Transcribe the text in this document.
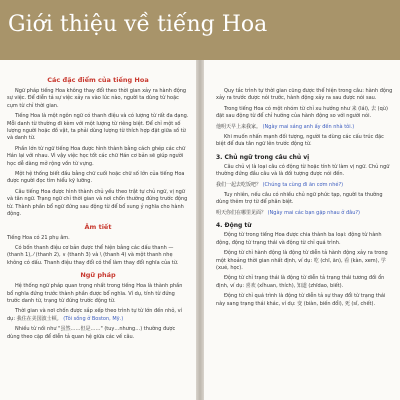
Giới thiệu về tiếng Hoa
Các đặc điểm của tiếng Hoa

Ngữ pháp tiếng Hoa không thay đổi theo thời gian xảy ra hành động sự việc. Để diễn tả sự việc xảy ra vào lúc nào, người ta dùng từ hoặc cụm từ chỉ thời gian.

Tiếng Hoa là một ngôn ngữ có thanh điệu và có lượng từ rất đa dạng. Mỗi danh từ thường đi kèm với một lượng từ riêng biệt. Để chỉ một số lượng người hoặc đồ vật, ta phải dùng lượng từ thích hợp đặt giữa số từ và danh từ.

Phần lớn từ ngữ tiếng Hoa được hình thành bằng cách ghép các chữ Hán lại với nhau. Vì vậy việc học tốt các chữ Hán cơ bản sẽ giúp người học dễ dàng mở rộng vốn từ vựng.

Một hệ thống biết đầu bằng chữ cuối hoặc chữ số lớn của tiếng Hoa được người đọc tìm hiểu kỹ lưỡng.

Câu tiếng Hoa được hình thành chủ yếu theo trật tự chủ ngữ, vị ngữ và tân ngữ. Trạng ngữ chỉ thời gian và nơi chốn thường đứng trước động từ. Thành phần bổ ngữ đứng sau động từ để bổ sung ý nghĩa cho hành động.

Âm tiết

Tiếng Hoa có 21 phụ âm.

Có bốn thanh điệu cơ bản được thể hiện bằng các dấu thanh — (thanh 1), ⁄ (thanh 2), ∨ (thanh 3) và \ (thanh 4) và một thanh nhẹ không có dấu. Thanh điệu thay đổi có thể làm thay đổi nghĩa của từ.

Ngữ pháp

Hệ thống ngữ pháp quan trọng nhất trong tiếng Hoa là thành phần bổ nghĩa đứng trước thành phần được bổ nghĩa. Ví dụ, tính từ đứng trước danh từ, trạng từ đứng trước động từ.

Thời gian và nơi chốn được sắp xếp theo trình tự từ lớn đến nhỏ, ví dụ: 我住在美国波士顿。 (Tôi sống ở Boston, Mỹ.)

Nhiều từ nối như "虽然……但是……" (tuy…nhưng…) thường được dùng theo cặp để diễn tả quan hệ giữa các vế câu.

Quy tắc trình tự thời gian cũng được thể hiện trong câu: hành động xảy ra trước được nói trước, hành động xảy ra sau được nói sau.

Trong tiếng Hoa có một nhóm từ chỉ xu hướng như 来 (lái), 去 (qù) đặt sau động từ để chỉ hướng của hành động so với người nói.

他明天早上来我家。 (Ngày mai sáng anh ấy đến nhà tôi.)

Khi muốn nhấn mạnh đối tượng, người ta dùng các cấu trúc đặc biệt để đưa tân ngữ lên trước động từ.

3. Chủ ngữ trong câu chủ vị

Câu chủ vị là loại câu có động từ hoặc tính từ làm vị ngữ. Chủ ngữ thường đứng đầu câu và là đối tượng được nói đến.

我们一起去吃饭吧？ (Chúng ta cùng đi ăn cơm nhé?)

Tuy nhiên, nếu câu có nhiều chủ ngữ phức tạp, người ta thường dùng thêm trợ từ để phân biệt.

明天你们在哪里见面？ (Ngày mai các bạn gặp nhau ở đâu?)

4. Động từ

Động từ trong tiếng Hoa được chia thành ba loại: động từ hành động, động từ trạng thái và động từ chỉ quá trình.

Động từ chỉ hành động là động từ diễn tả hành động xảy ra trong một khoảng thời gian nhất định, ví dụ: 吃 (chī, ăn), 看 (kàn, xem), 学 (xué, học).

Động từ chỉ trạng thái là động từ diễn tả trạng thái tương đối ổn định, ví dụ: 喜欢 (xǐhuan, thích), 知道 (zhīdao, biết).

Động từ chỉ quá trình là động từ diễn tả sự thay đổi từ trạng thái này sang trạng thái khác, ví dụ: 变 (biàn, biến đổi), 死 (sǐ, chết).
